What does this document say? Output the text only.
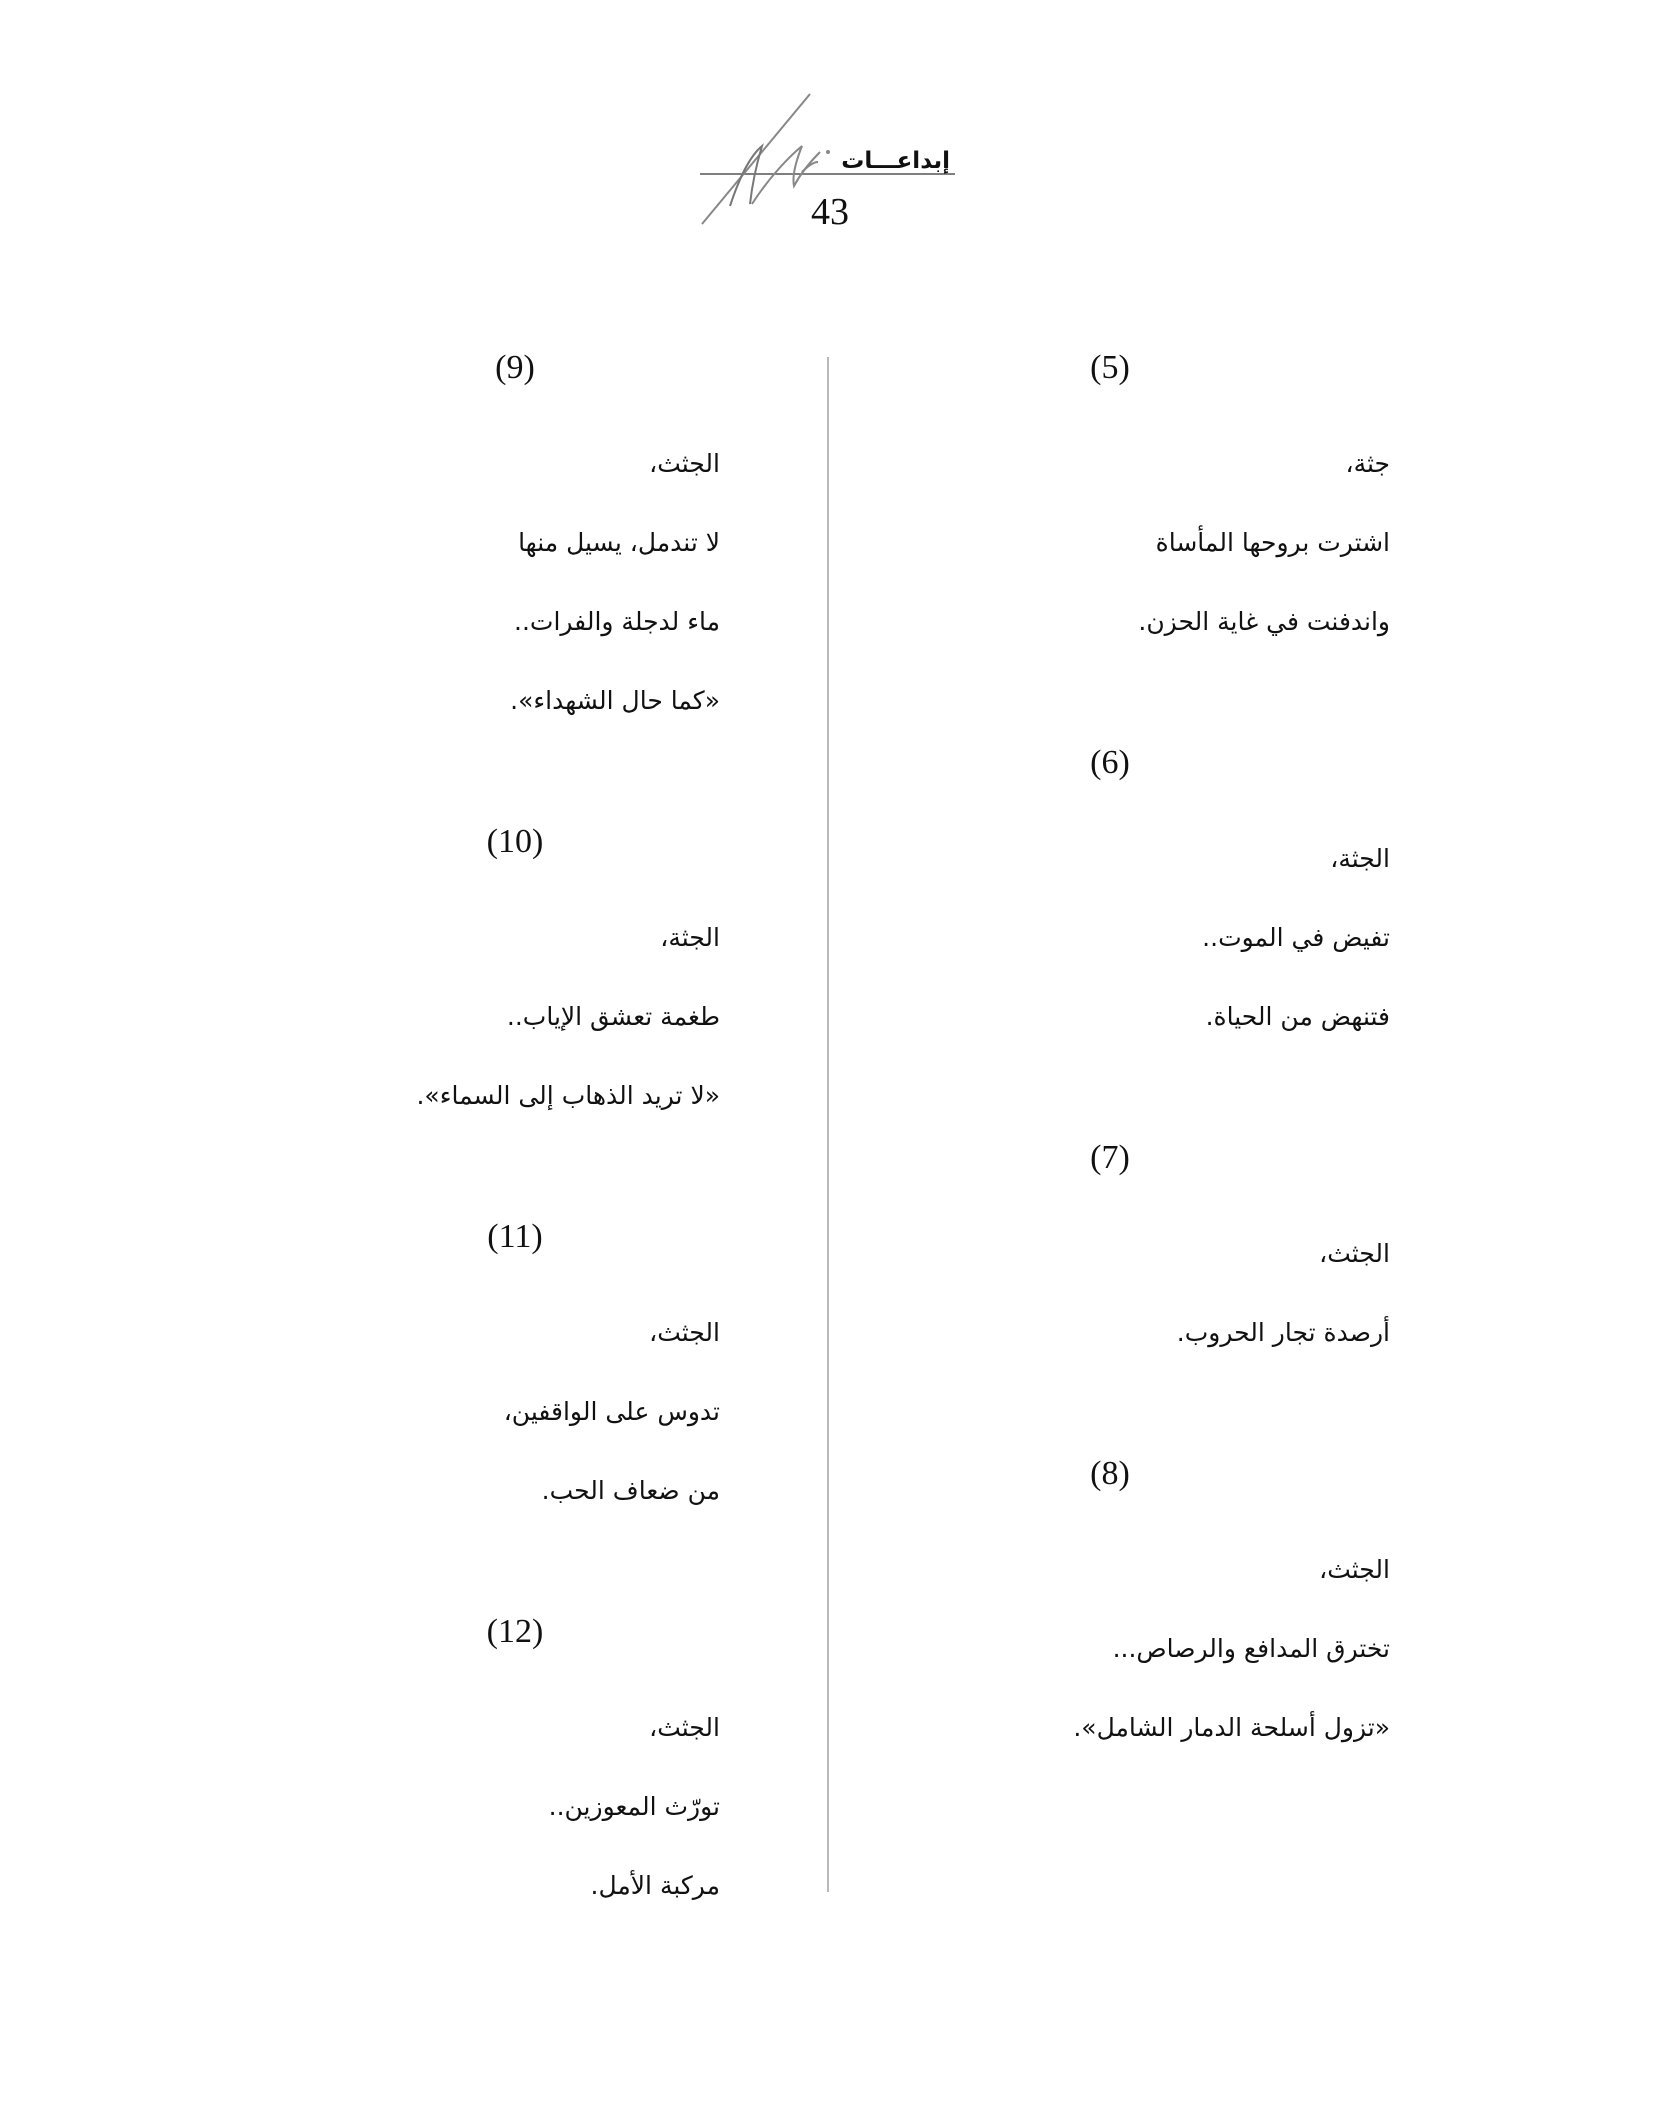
إبداعـــات
43
(5)
جثة،
اشترت بروحها المأساة
واندفنت في غاية الحزن.
(6)
الجثة،
تفيض في الموت..
فتنهض من الحياة.
(7)
الجثث،
أرصدة تجار الحروب.
(8)
الجثث،
تخترق المدافع والرصاص...
«تزول أسلحة الدمار الشامل».
(9)
الجثث،
لا تندمل، يسيل منها
ماء لدجلة والفرات..
«كما حال الشهداء».
(10)
الجثة،
طغمة تعشق الإياب..
«لا تريد الذهاب إلى السماء».
(11)
الجثث،
تدوس على الواقفين،
من ضعاف الحب.
(12)
الجثث،
تورّث المعوزين..
مركبة الأمل.
